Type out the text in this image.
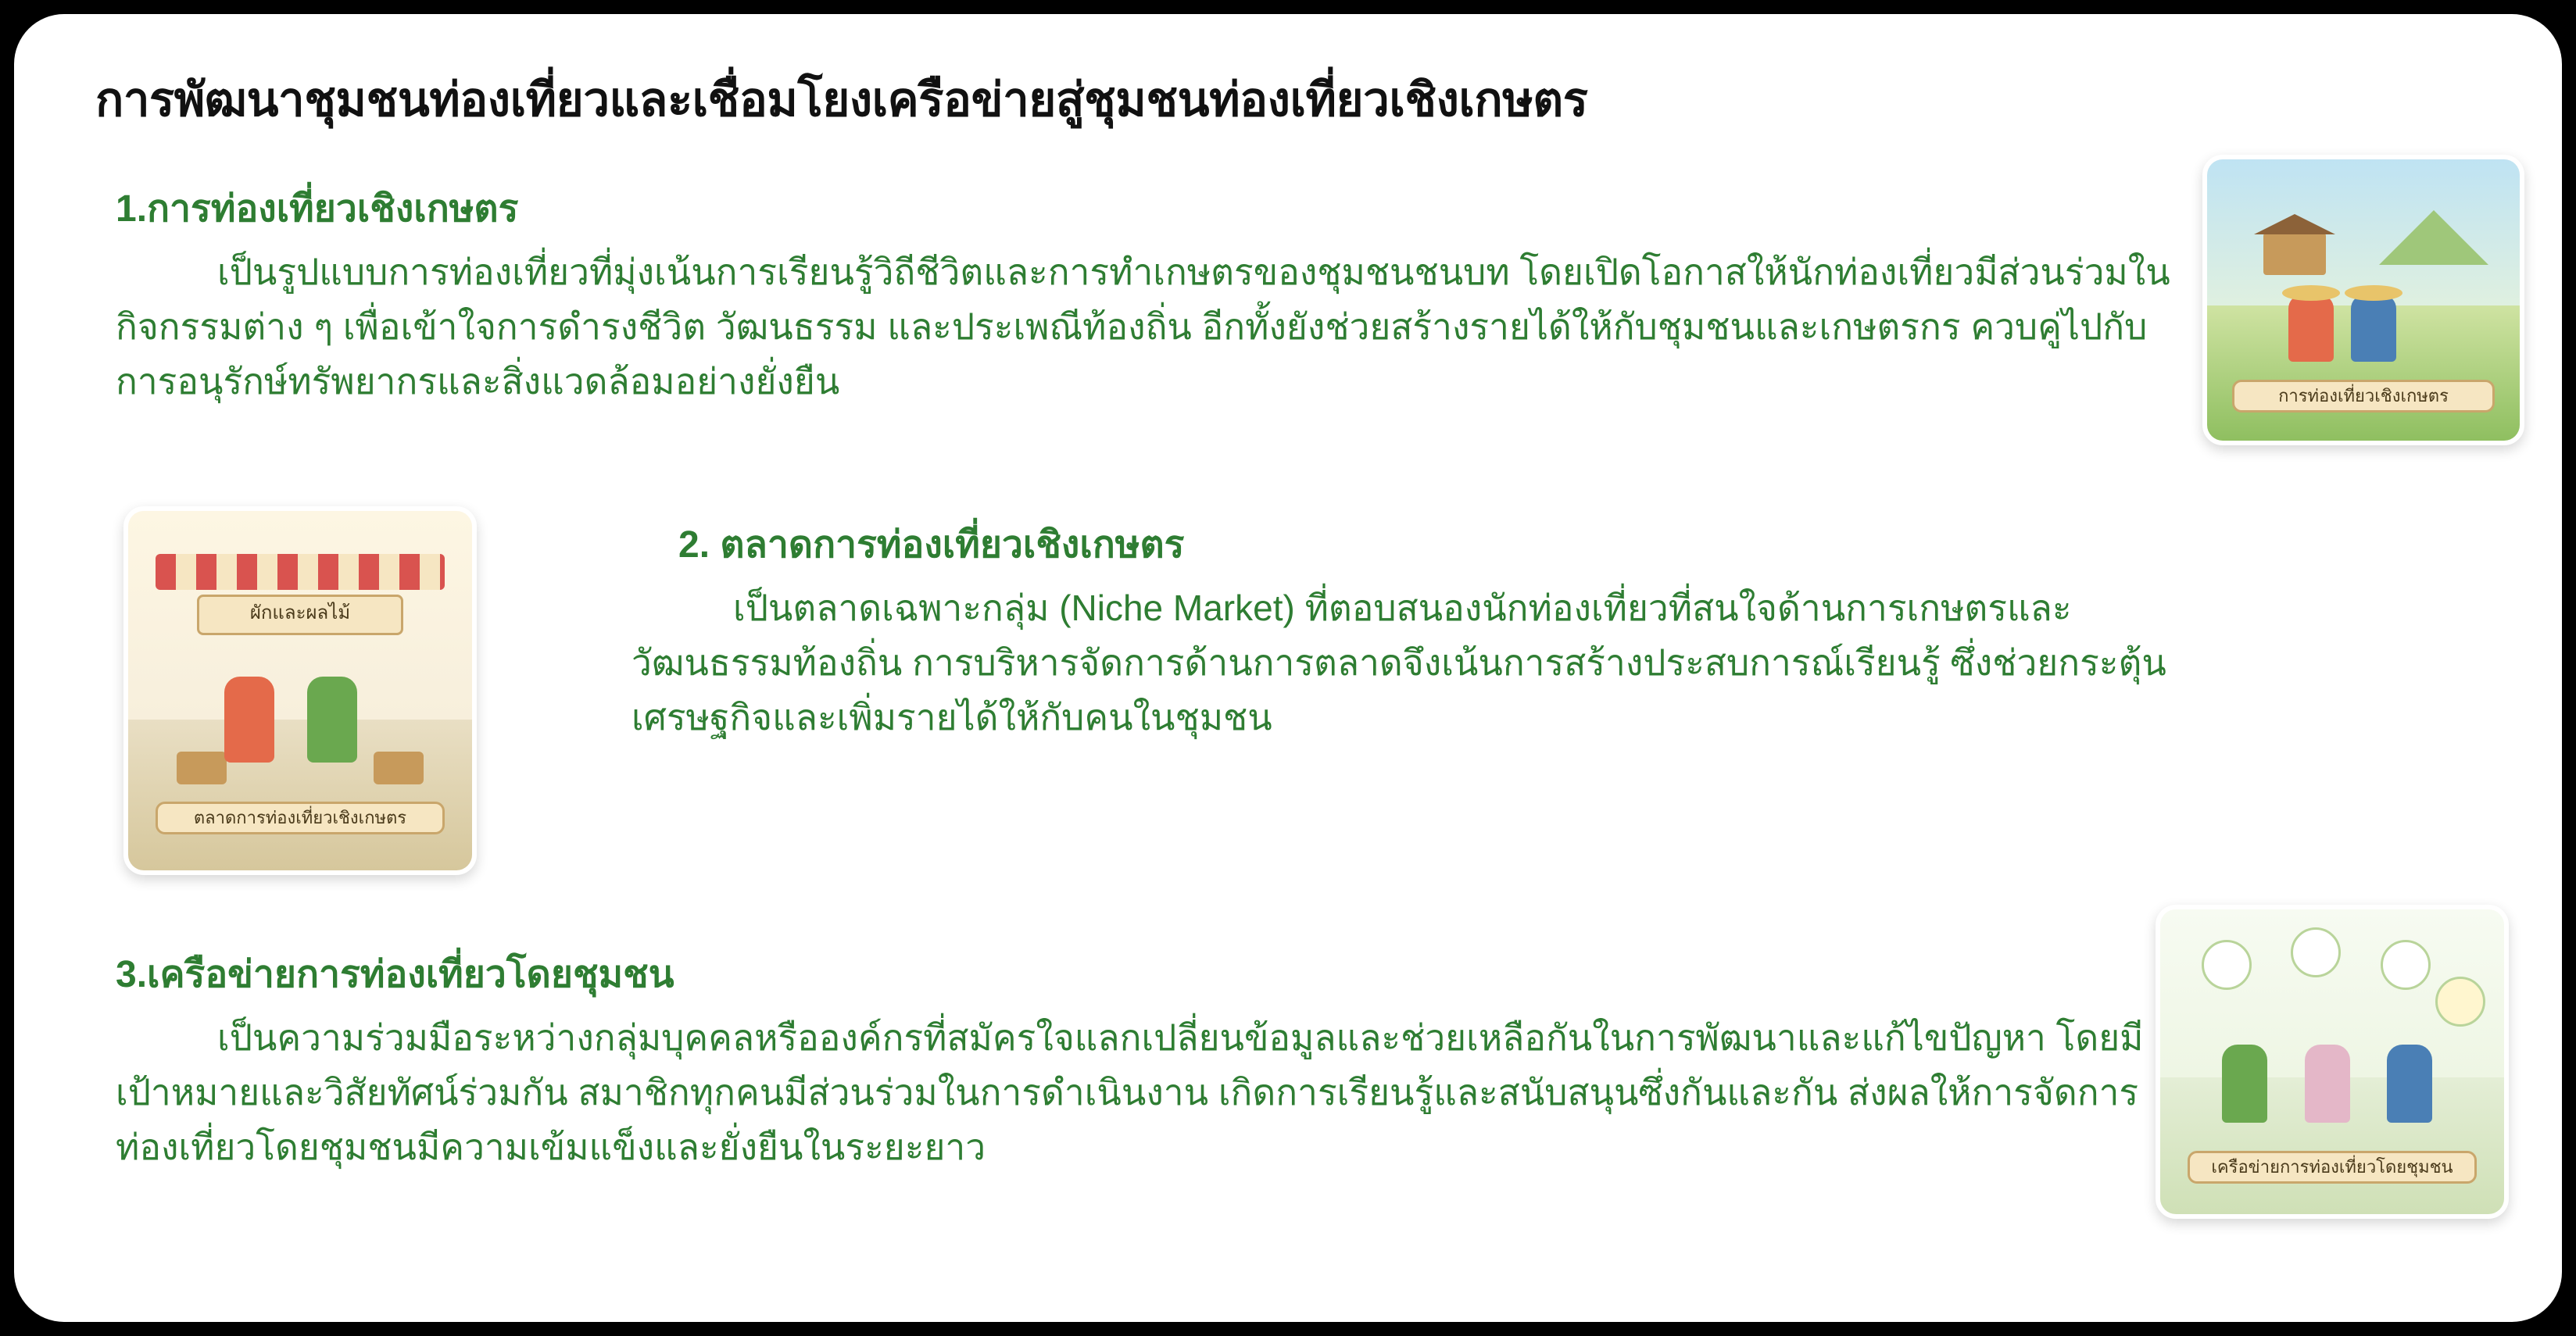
การพัฒนาชุมชนท่องเที่ยวและเชื่อมโยงเครือข่ายสู่ชุมชนท่องเที่ยวเชิงเกษตร
1.การท่องเที่ยวเชิงเกษตร
เป็นรูปแบบการท่องเที่ยวที่มุ่งเน้นการเรียนรู้วิถีชีวิตและการทำเกษตรของชุมชนชนบท โดยเปิดโอกาสให้นักท่องเที่ยวมีส่วนร่วมในกิจกรรมต่าง ๆ เพื่อเข้าใจการดำรงชีวิต วัฒนธรรม และประเพณีท้องถิ่น อีกทั้งยังช่วยสร้างรายได้ให้กับชุมชนและเกษตรกร ควบคู่ไปกับการอนุรักษ์ทรัพยากรและสิ่งแวดล้อมอย่างยั่งยืน
2. ตลาดการท่องเที่ยวเชิงเกษตร
เป็นตลาดเฉพาะกลุ่ม (Niche Market) ที่ตอบสนองนักท่องเที่ยวที่สนใจด้านการเกษตรและวัฒนธรรมท้องถิ่น การบริหารจัดการด้านการตลาดจึงเน้นการสร้างประสบการณ์เรียนรู้ ซึ่งช่วยกระตุ้นเศรษฐกิจและเพิ่มรายได้ให้กับคนในชุมชน
3.เครือข่ายการท่องเที่ยวโดยชุมชน
เป็นความร่วมมือระหว่างกลุ่มบุคคลหรือองค์กรที่สมัครใจแลกเปลี่ยนข้อมูลและช่วยเหลือกันในการพัฒนาและแก้ไขปัญหา โดยมีเป้าหมายและวิสัยทัศน์ร่วมกัน สมาชิกทุกคนมีส่วนร่วมในการดำเนินงาน เกิดการเรียนรู้และสนับสนุนซึ่งกันและกัน ส่งผลให้การจัดการท่องเที่ยวโดยชุมชนมีความเข้มแข็งและยั่งยืนในระยะยาว
การท่องเที่ยวเชิงเกษตร
ผักและผลไม้
ตลาดการท่องเที่ยวเชิงเกษตร
เครือข่ายการท่องเที่ยวโดยชุมชน
